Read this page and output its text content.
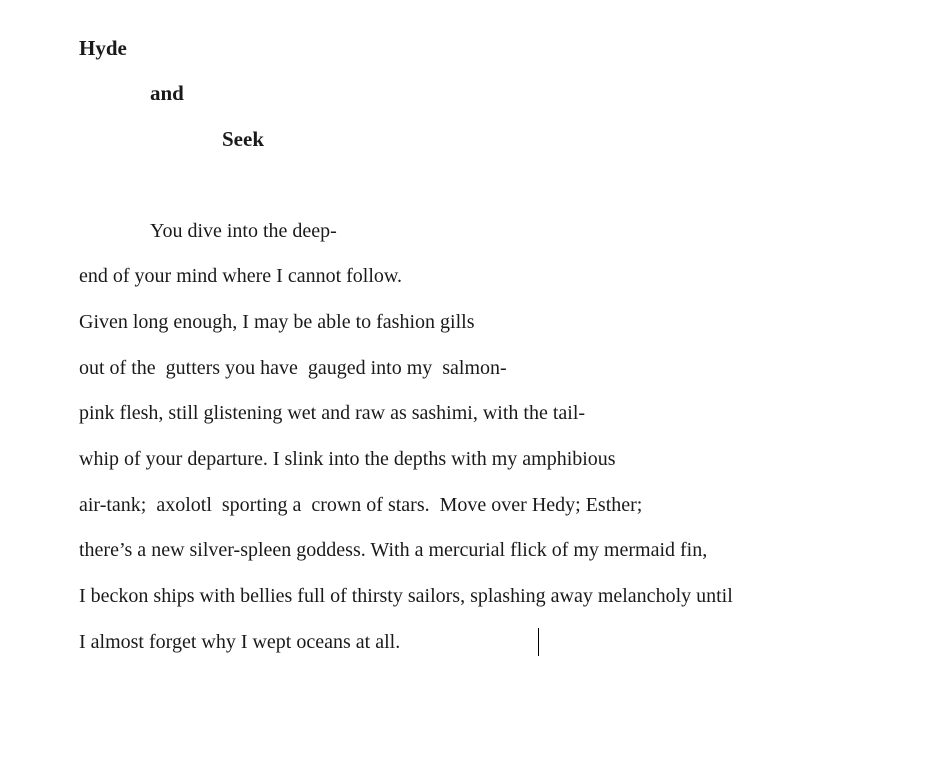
Hyde
and
Seek
You dive into the deep-
end of your mind where I cannot follow.
Given long enough, I may be able to fashion gills
out of the  gutters you have  gauged into my  salmon-
pink flesh, still glistening wet and raw as sashimi, with the tail-
whip of your departure. I slink into the depths with my amphibious
air-tank;  axolotl  sporting a  crown of stars.  Move over Hedy; Esther;
there’s a new silver-spleen goddess. With a mercurial flick of my mermaid fin,
I beckon ships with bellies full of thirsty sailors, splashing away melancholy until
I almost forget why I wept oceans at all.
